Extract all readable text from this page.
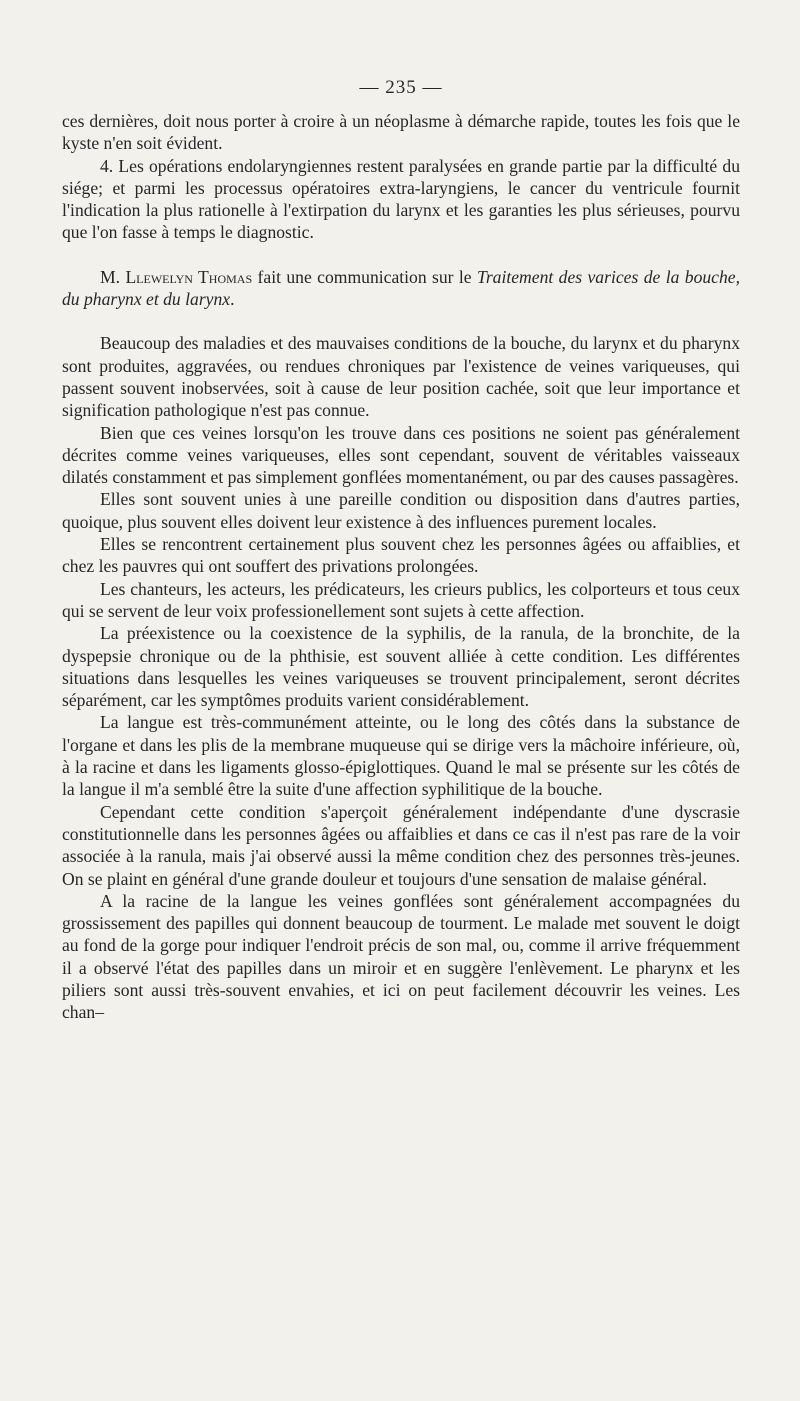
— 235 —

ces dernières, doit nous porter à croire à un néoplasme à démarche rapide, toutes les fois que le kyste n'en soit évident.

4. Les opérations endolaryngiennes restent paralysées en grande partie par la difficulté du siége; et parmi les processus opératoires extra-laryngiens, le cancer du ventricule fournit l'indication la plus rationelle à l'extirpation du larynx et les garanties les plus sérieuses, pourvu que l'on fasse à temps le diagnostic.

M. Llewelyn Thomas fait une communication sur le Traitement des varices de la bouche, du pharynx et du larynx.

Beaucoup des maladies et des mauvaises conditions de la bouche, du larynx et du pharynx sont produites, aggravées, ou rendues chroniques par l'existence de veines variqueuses, qui passent souvent inobservées, soit à cause de leur position cachée, soit que leur importance et signification pathologique n'est pas connue.

Bien que ces veines lorsqu'on les trouve dans ces positions ne soient pas généralement décrites comme veines variqueuses, elles sont cependant, souvent de véritables vaisseaux dilatés constamment et pas simplement gonflées momentanément, ou par des causes passagères.

Elles sont souvent unies à une pareille condition ou disposition dans d'autres parties, quoique, plus souvent elles doivent leur existence à des influences purement locales.

Elles se rencontrent certainement plus souvent chez les personnes âgées ou affaiblies, et chez les pauvres qui ont souffert des privations prolongées.

Les chanteurs, les acteurs, les prédicateurs, les crieurs publics, les colporteurs et tous ceux qui se servent de leur voix professionellement sont sujets à cette affection.

La préexistence ou la coexistence de la syphilis, de la ranula, de la bronchite, de la dyspepsie chronique ou de la phthisie, est souvent alliée à cette condition. Les différentes situations dans lesquelles les veines variqueuses se trouvent principalement, seront décrites séparément, car les symptômes produits varient considérablement.

La langue est très-communément atteinte, ou le long des côtés dans la substance de l'organe et dans les plis de la membrane muqueuse qui se dirige vers la mâchoire inférieure, où, à la racine et dans les ligaments glosso-épiglottiques. Quand le mal se présente sur les côtés de la langue il m'a semblé être la suite d'une affection syphilitique de la bouche.

Cependant cette condition s'aperçoit généralement indépendante d'une dyscrasie constitutionnelle dans les personnes âgées ou affaiblies et dans ce cas il n'est pas rare de la voir associée à la ranula, mais j'ai observé aussi la même condition chez des personnes très-jeunes. On se plaint en général d'une grande douleur et toujours d'une sensation de malaise général.

A la racine de la langue les veines gonflées sont généralement accompagnées du grossissement des papilles qui donnent beaucoup de tourment. Le malade met souvent le doigt au fond de la gorge pour indiquer l'endroit précis de son mal, ou, comme il arrive fréquemment il a observé l'état des papilles dans un miroir et en suggère l'enlèvement. Le pharynx et les piliers sont aussi très-souvent envahies, et ici on peut facilement découvrir les veines. Les chan–
